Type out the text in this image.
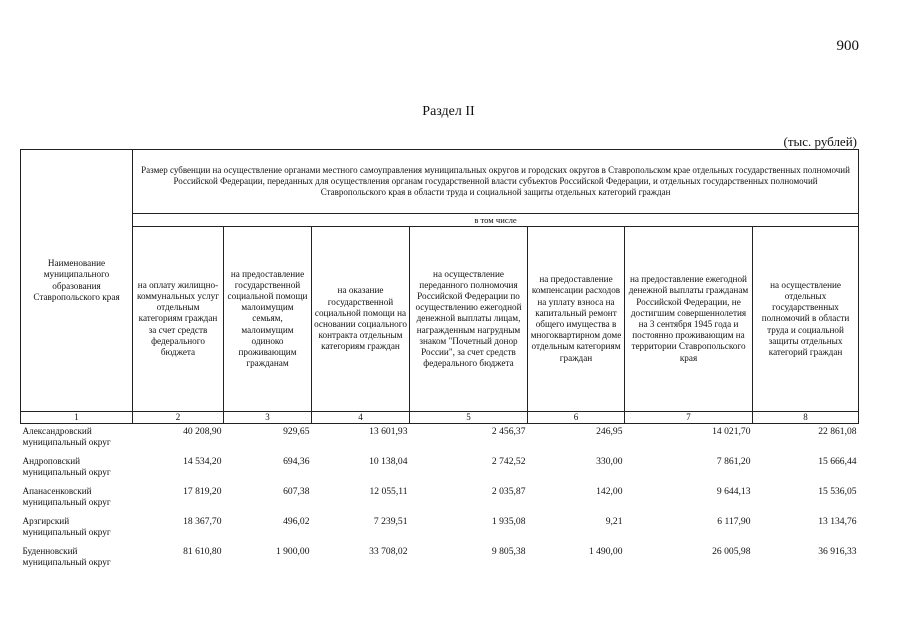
900
Раздел II
(тыс. рублей)
Наименование муниципального образования Ставропольского края	Размер субвенции на осуществление органами местного самоуправления муниципальных округов и городских округов в Ставропольском крае отдельных государственных полномочий Российской Федерации, переданных для осуществления органам государственной власти субъектов Российской Федерации, и отдельных государственных полномочий Ставропольского края в области труда и социальной защиты отдельных категорий граждан						
	в том числе						
	на оплату жилищно-коммунальных услуг отдельным категориям граждан за счет средств федерального бюджета	на предоставление государственной социальной помощи малоимущим семьям, малоимущим одиноко проживающим гражданам	на оказание государственной социальной помощи на основании социального контракта отдельным категориям граждан	на осуществление переданного полномочия Российской Федерации по осуществлению ежегодной денежной выплаты лицам, награжденным нагрудным знаком "Почетный донор России", за счет средств федерального бюджета	на предоставление компенсации расходов на уплату взноса на капитальный ремонт общего имущества в многоквартирном доме отдельным категориям граждан	на предоставление ежегодной денежной выплаты гражданам Российской Федерации, не достигшим совершеннолетия на 3 сентября 1945 года и постоянно проживающим на территории Ставропольского края	на осуществление отдельных государственных полномочий в области труда и социальной защиты отдельных категорий граждан
1	2	3	4	5	6	7	8
Александровский муниципальный округ	40 208,90	929,65	13 601,93	2 456,37	246,95	14 021,70	22 861,08
Андроповский муниципальный округ	14 534,20	694,36	10 138,04	2 742,52	330,00	7 861,20	15 666,44
Апанасенковский муниципальный округ	17 819,20	607,38	12 055,11	2 035,87	142,00	9 644,13	15 536,05
Арзгирский муниципальный округ	18 367,70	496,02	7 239,51	1 935,08	9,21	6 117,90	13 134,76
Буденновский муниципальный округ	81 610,80	1 900,00	33 708,02	9 805,38	1 490,00	26 005,98	36 916,33
